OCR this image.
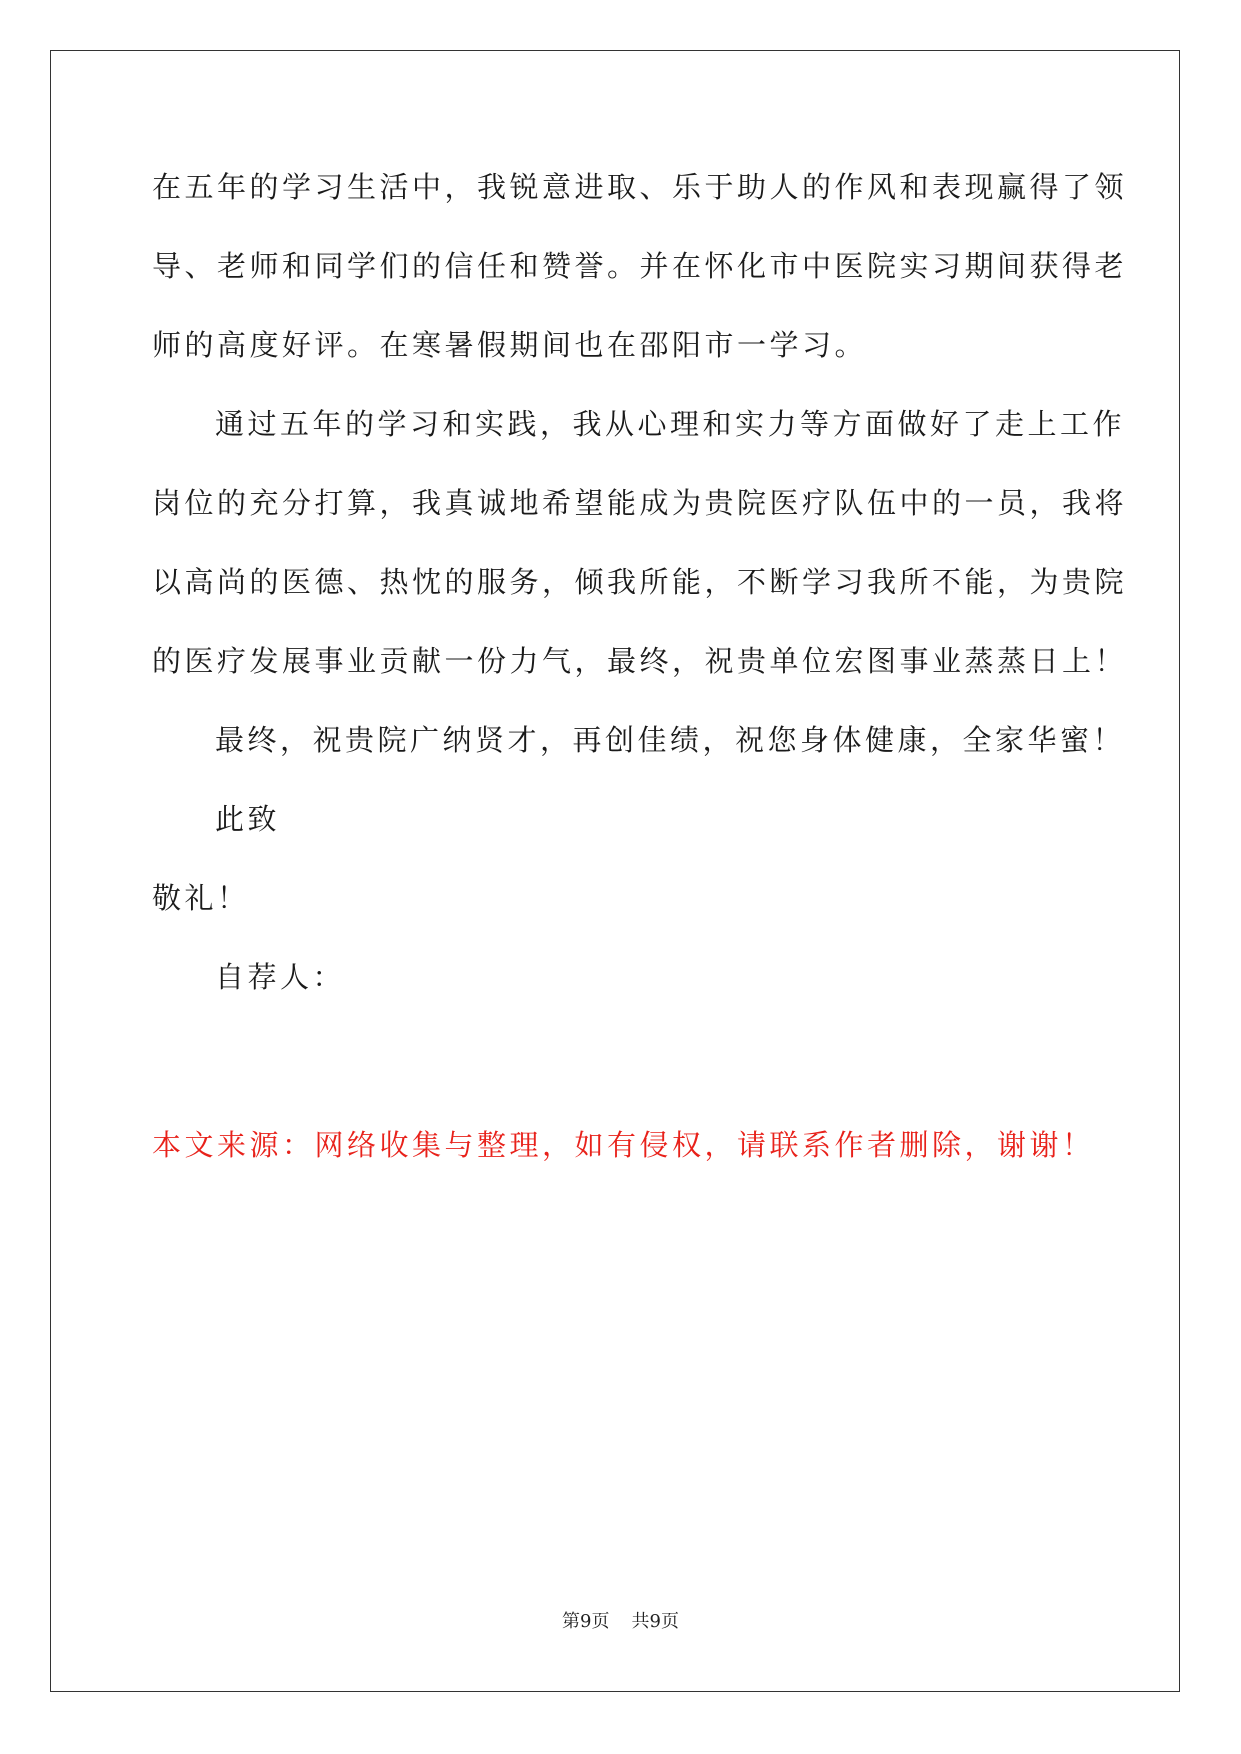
在五年的学习生活中，我锐意进取、乐于助人的作风和表现赢得了领
导、老师和同学们的信任和赞誉。并在怀化市中医院实习期间获得老
师的高度好评。在寒暑假期间也在邵阳市一学习。
通过五年的学习和实践，我从心理和实力等方面做好了走上工作
岗位的充分打算，我真诚地希望能成为贵院医疗队伍中的一员，我将
以高尚的医德、热忱的服务，倾我所能，不断学习我所不能，为贵院
的医疗发展事业贡献一份力气，最终，祝贵单位宏图事业蒸蒸日上！
最终，祝贵院广纳贤才，再创佳绩，祝您身体健康，全家华蜜！
此致
敬礼！
自荐人：
本文来源：网络收集与整理，如有侵权，请联系作者删除，谢谢！
第9页 共9页
